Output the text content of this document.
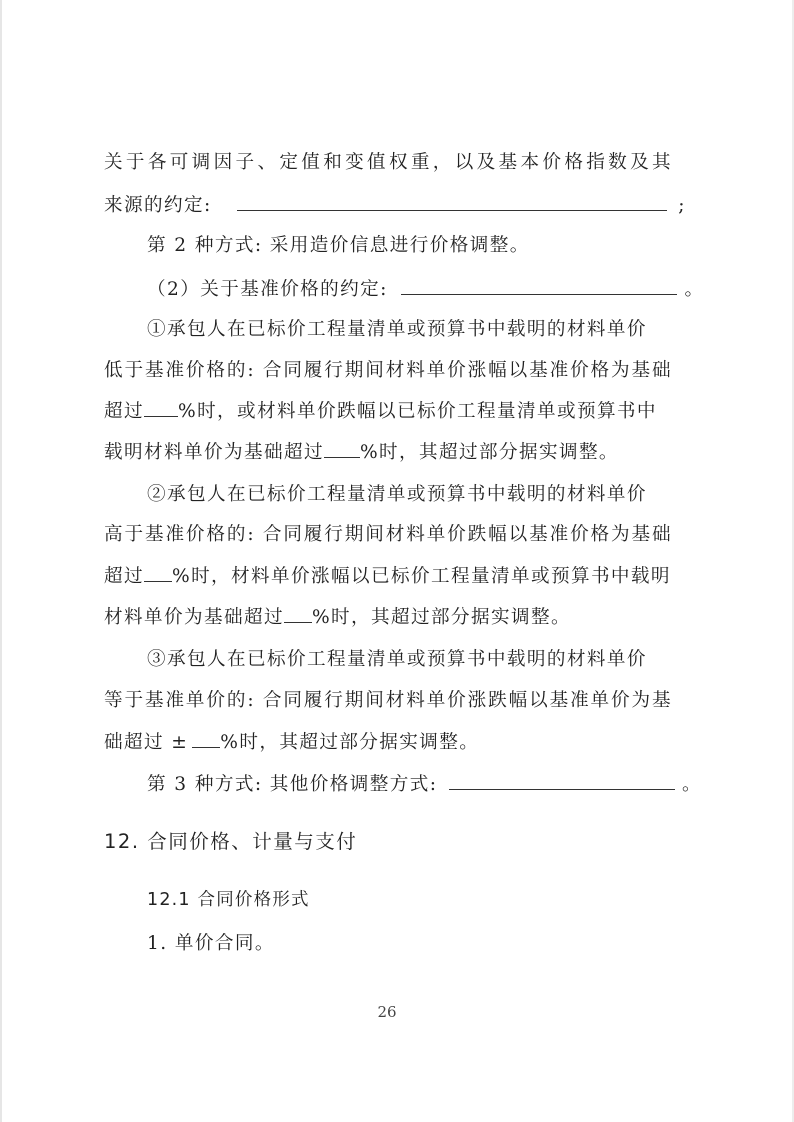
关于各可调因子、定值和变值权重，以及基本价格指数及其
来源的约定:	;
第 2 种方式: 采用造价信息进行价格调整。
（2）关于基准价格的约定:	。
①承包人在已标价工程量清单或预算书中载明的材料单价
低于基准价格的: 合同履行期间材料单价涨幅以基准价格为基础
超过 %时，或材料单价跌幅以已标价工程量清单或预算书中
载明材料单价为基础超过 %时，其超过部分据实调整。
②承包人在已标价工程量清单或预算书中载明的材料单价
高于基准价格的: 合同履行期间材料单价跌幅以基准价格为基础
超过 %时，材料单价涨幅以已标价工程量清单或预算书中载明
材料单价为基础超过 %时，其超过部分据实调整。
③承包人在已标价工程量清单或预算书中载明的材料单价
等于基准单价的: 合同履行期间材料单价涨跌幅以基准单价为基
础超过 ± %时，其超过部分据实调整。
第 3 种方式: 其他价格调整方式:	。
12. 合同价格、计量与支付
12.1 合同价格形式
1. 单价合同。
26
